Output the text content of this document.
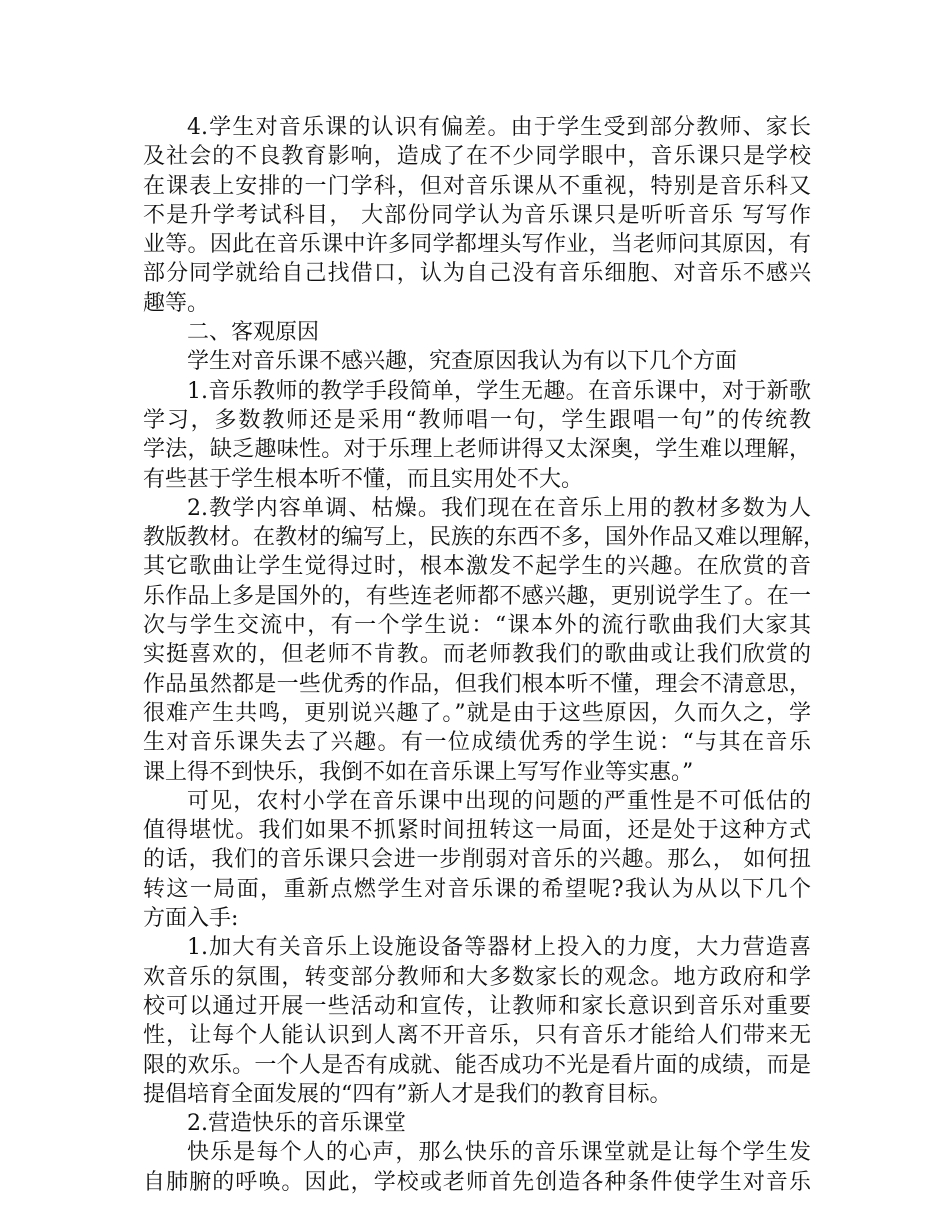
4.学生对音乐课的认识有偏差。由于学生受到部分教师、家长
及社会的不良教育影响，造成了在不少同学眼中，音乐课只是学校
在课表上安排的一门学科，但对音乐课从不重视，特别是音乐科又
不是升学考试科目， 大部份同学认为音乐课只是听听音乐 写写作
业等。因此在音乐课中许多同学都埋头写作业，当老师问其原因，有
部分同学就给自己找借口，认为自己没有音乐细胞、对音乐不感兴
趣等。
二、客观原因
学生对音乐课不感兴趣，究查原因我认为有以下几个方面
1.音乐教师的教学手段简单，学生无趣。在音乐课中，对于新歌
学习，多数教师还是采用“教师唱一句，学生跟唱一句”的传统教
学法，缺乏趣味性。对于乐理上老师讲得又太深奥，学生难以理解，
有些甚于学生根本听不懂，而且实用处不大。
2.教学内容单调、枯燥。我们现在在音乐上用的教材多数为人
教版教材。在教材的编写上，民族的东西不多，国外作品又难以理解，
其它歌曲让学生觉得过时，根本激发不起学生的兴趣。在欣赏的音
乐作品上多是国外的，有些连老师都不感兴趣，更别说学生了。在一
次与学生交流中，有一个学生说：“课本外的流行歌曲我们大家其
实挺喜欢的，但老师不肯教。而老师教我们的歌曲或让我们欣赏的
作品虽然都是一些优秀的作品，但我们根本听不懂，理会不清意思，
很难产生共鸣，更别说兴趣了。”就是由于这些原因，久而久之，学
生对音乐课失去了兴趣。有一位成绩优秀的学生说：“与其在音乐
课上得不到快乐，我倒不如在音乐课上写写作业等实惠。”
可见，农村小学在音乐课中出现的问题的严重性是不可低估的
值得堪忧。我们如果不抓紧时间扭转这一局面，还是处于这种方式
的话，我们的音乐课只会进一步削弱对音乐的兴趣。那么， 如何扭
转这一局面，重新点燃学生对音乐课的希望呢?我认为从以下几个
方面入手:
1.加大有关音乐上设施设备等器材上投入的力度，大力营造喜
欢音乐的氛围，转变部分教师和大多数家长的观念。地方政府和学
校可以通过开展一些活动和宣传，让教师和家长意识到音乐对重要
性，让每个人能认识到人离不开音乐，只有音乐才能给人们带来无
限的欢乐。一个人是否有成就、能否成功不光是看片面的成绩，而是
提倡培育全面发展的“四有”新人才是我们的教育目标。
2.营造快乐的音乐课堂
快乐是每个人的心声，那么快乐的音乐课堂就是让每个学生发
自肺腑的呼唤。因此，学校或老师首先创造各种条件使学生对音乐
